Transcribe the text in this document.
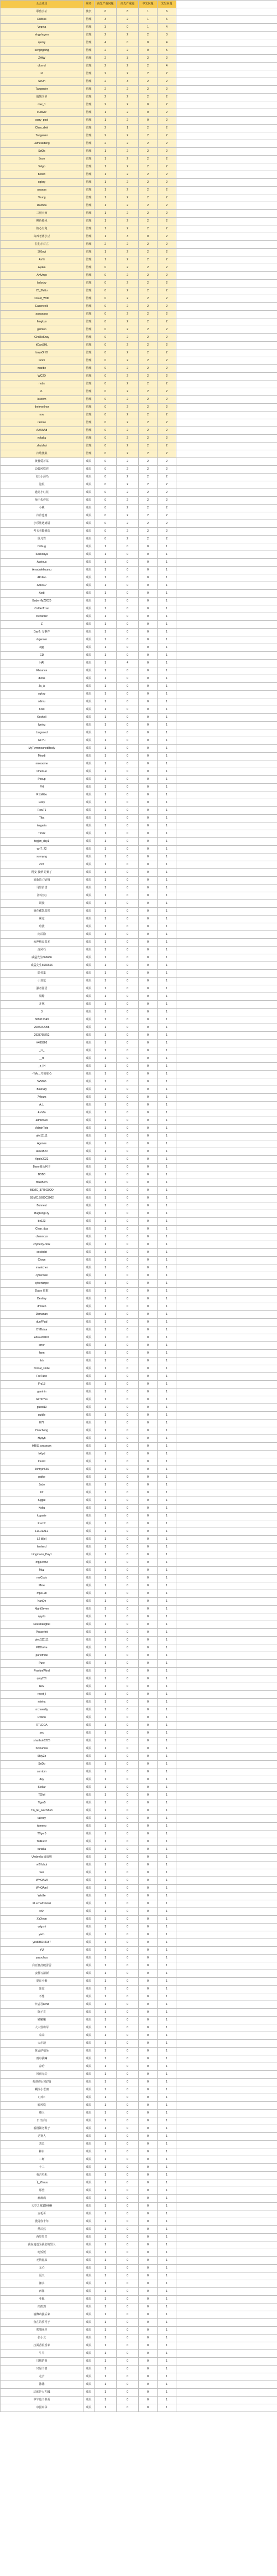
公会成员	职务	高先严重问题	高先严重题	中先问题	先发问题	
耶鲁小云	族长	6	8	1	6	
Dildoss	管理	3	2	1	6	
Vegeta	管理	3	0	1	4	
ehyphogen	管理	2	2	2	3	
qustry	管理	4	0	0	4	
senghgbing	管理	2	2	0	5	
ZHiW	管理	2	3	2	2	
dkrrrol	管理	2	2	2	4	
id	管理	2	2	2	2	
SeOn	管理	2	3	2	2	
Tangenler	管理	2	2	2	2	
超醒少爷	管理	2	2	2	2	
mer_1	管理	2	2	0	2	
cUdGor	管理	1	2	0	2	
sorry_pool	管理	1	2	0	2	
Chim_dwh	管理	2	1	2	2	
Tangenlor	管理	2	2	2	2	
Jameskdeng	管理	2	2	2	2	
SdOs	管理	1	2	2	2	
Soco	管理	1	2	2	2	
5elgo	管理	1	2	2	2	
beiten	管理	1	2	2	2	
xglory	管理	1	2	2	2	
aaaaaa	管理	1	2	2	2	
Young	管理	1	2	2	2	
zhumbu	管理	1	2	2	2	
三刻大师	管理	1	2	2	2	
柳色嫣风	管理	1	2	2	2	
彼心有鬼	管理	1	2	2	2	
山西老薄小豆	管理	1	3	0	2	
拉扎尔对立	管理	2	2	2	2	
30Jogi	管理	1	2	2	2	
AnYi	管理	1	2	2	2	
Ayuka	管理	0	2	2	2	
AHUmjo	管理	0	2	2	2	
ladocky	管理	0	2	2	2	
23_5Mitu	管理	0	2	2	2	
Cloud_Wdb	管理	0	2	2	2	
Easeneelk	管理	0	2	2	2	
aaaaaaaa	管理	0	2	2	2	
fengkuo	管理	0	2	2	2	
gamtoo	管理	0	2	2	2	
GhdZoSnay	管理	0	2	2	2	
hDanSHL	管理	0	2	2	2	
boyaOHO	管理	0	2	2	2	
lunni	管理	0	2	2	2	
maribe	管理	0	2	2	2	
WC2D	管理	0	2	2	2	
nubs	管理	0	2	2	2	
rL	管理	0	2	2	2	
lasonm	管理	0	2	2	2	
theleveilnor	管理	0	2	2	2	
nov	管理	0	2	2	2	
rainnie	管理	0	2	2	2	
AAAAAd	管理	0	2	2	2	
yokaku	管理	0	2	2	2	
zhuizhui	管理	0	2	2	2	
冷歌骏莱	管理	0	2	2	2	
黄蓉爱芹菜	成员	0	2	2	2	
边疆风吹你	成员	0	2	2	2	
飞天小源鸟	成员	0	2	2	2	
泡饭	成员	0	2	2	2	
邀龙小红花	成员	0	2	2	2	
师于朱伴兹	成员	0	2	2	2	
小桃	成员	0	2	2	2	
冷冷也雨	成员	0	2	2	2	
小乐胜遇到福	成员	0	2	2	2	
考五者能够选	成员	0	2	2	2	
徐凡岩	成员	0	2	2	2	
Dribug	成员	1	0	0	1	
Seekobya	成员	1	0	0	1	
Aceious	成员	1	0	0	1	
Amodulehoumu	成员	1	0	0	1	
AKdino	成员	1	0	0	1	
AoKo07	成员	1	0	0	1	
Aodi	成员	1	0	0	1	
Buder-flyZ2020	成员	1	0	0	1	
CalderT1an	成员	1	0	0	1	
creolefrer	成员	1	0	0	1	
Z	成员	1	0	0	1	
Day2: 无事件	成员	1	0	0	1	
dujenner	成员	1	0	0	1	
egg	成员	1	0	0	1	
GD	成员	1	0	0	1	
HAI	成员	1	4	0	1	
Fhounce	成员	1	0	0	1	
dions	成员	1	0	0	1	
Ja_A	成员	1	0	0	1	
xglory	成员	1	0	0	1	
sdimu	成员	1	0	0	1	
Kobi	成员	1	0	0	1	
Kochell	成员	1	0	0	1	
lgning	成员	1	0	0	1	
Lingnaed	成员	1	0	0	1	
Mr.Yu	成员	1	0	0	1	
MyTyrmmounedBosly	成员	1	0	0	1	
Moodi	成员	1	0	0	1	
nniooome	成员	1	0	0	1	
OneCue	成员	1	0	0	1	
Pecup	成员	1	0	0	1	
PH	成员	1	0	0	1	
R1biEbo	成员	1	0	0	1	
Roky	成员	1	0	0	1	
RowT1	成员	1	0	0	1	
Tika	成员	1	0	0	1	
tergaria	成员	1	0	0	1	
Timzz	成员	1	0	0	1	
tegjlm_day1	成员	1	0	0	1	
wnT_72	成员	1	0	0	1	
sunnyng	成员	1	0	0	1	
ZZZ	成员	1	0	0	1	
阿安 我梦 是谁了	成员	1	0	0	1	
消逝边 (永恒)	成员	1	0	0	1	
马里滑诺	成员	1	0	0	1	
涉专(G)	成员	1	0	0	1	
胡漫	成员	1	0	0	1	
丽花藏凯基然	成员	1	0	0	1	
紧定	成员	1	0	0	1	
暗渡	成员	1	0	0	1	
问后隐	成员	1	0	0	1	
水神梅良基本	成员	1	0	0	1	
流风石	成员	1	0	0	1	
威猛先生666666	成员	1	0	0	1	
威猛先生6666666	成员	1	0	0	1	
隐者集	成员	1	0	0	1	
小龙氪	成员	1	0	0	1	
强者源语	成员	1	0	0	1	
果醋	成员	1	0	0	1	
开林	成员	1	0	0	1	
3	成员	1	0	0	1	
666612349	成员	1	0	0	1	
2007342058	成员	1	0	0	1	
2933765752	成员	1	0	0	1	
#480360	成员	1	0	0	1	
_Li_	成员	1	0	0	1	
__m	成员	1	0	0	1	
_n_IH	成员	1	0	0	1	
~*Mo...巧的那心	成员	1	0	0	1	
5x5666	成员	1	0	0	1	
BlueSky	成员	1	0	0	1	
7Hours	成员	1	0	0	1	
A_L	成员	1	0	0	1	
AshZn	成员	1	0	0	1	
admin620	成员	1	0	0	1	
AdminToto	成员	1	0	0	1	
afei11111	成员	1	0	0	1	
Agones	成员	1	0	0	1	
Alex4520	成员	1	0	0	1	
Apple2022	成员	1	0	0	1	
Barry羅从柯子	成员	1	0	0	1	
BBBB	成员	1	0	0	1	
BlueBern	成员	1	0	0	1	
BSMC_3779C5OO	成员	1	0	0	1	
BSMC_5690C3002	成员	1	0	0	1	
Bunnest	成员	1	0	0	1	
BugKingCry	成员	1	0	0	1	
be123	成员	1	0	0	1	
Chan_dua	成员	1	0	0	1	
chenncuo	成员	1	0	0	1	
chyberry-fenx	成员	1	0	0	1	
cocktdot	成员	1	0	0	1	
Clown	成员	1	0	0	1	
mwatcher	成员	1	0	0	1	
cyberman	成员	1	0	0	1	
cybertanpe	成员	1	0	0	1	
Daisy 歌歌	成员	1	0	0	1	
Destiny	成员	1	0	0	1	
dmiseb	成员	1	0	0	1	
Dsmanan	成员	1	0	0	1	
dunFFgd	成员	1	0	0	1	
DYBsiaa	成员	1	0	0	1	
edward0101	成员	1	0	0	1	
error	成员	1	0	0	1	
farm	成员	1	0	0	1	
fish	成员	1	0	0	1	
format_smile	成员	1	0	0	1	
FreTubo	成员	1	0	0	1	
Frz13	成员	1	0	0	1	
gamhin	成员	1	0	0	1	
GitTibYes	成员	1	0	0	1	
guest13	成员	1	0	0	1	
guidle	成员	1	0	0	1	
H77	成员	1	0	0	1	
Huacheng	成员	1	0	0	1	
Hyuyh	成员	1	0	0	1	
HRIS_xxxxxxxx	成员	1	0	0	1	
hklpd	成员	1	0	0	1	
Idonld	成员	1	0	0	1	
Johnyin666	成员	1	0	0	1	
pathe	成员	1	0	0	1	
Judo	成员	1	0	0	1	
K2	成员	1	0	0	1	
Kiggie	成员	1	0	0	1	
Koltu	成员	1	0	0	1	
kuparie	成员	1	0	0	1	
Kuzo2	成员	1	0	0	1	
LLLULALL	成员	1	0	0	1	
L2 lili[o]	成员	1	0	0	1	
leoherd	成员	1	0	0	1	
Lingmaon_Day1	成员	1	0	0	1	
mppi4983	成员	1	0	0	1	
Muz	成员	1	0	0	1	
meCody	成员	1	0	0	1	
Mine	成员	1	0	0	1	
mpe128	成员	1	0	0	1	
NanQe	成员	1	0	0	1	
NightSeven	成员	1	0	0	1	
npydo	成员	1	0	0	1	
NouShangbei	成员	1	0	0	1	
Passerhtt	成员	1	0	0	1	
pied111111	成员	1	0	0	1	
PDDofve	成员	1	0	0	1	
purelfnide	成员	1	0	0	1	
Pure	成员	1	0	0	1	
PraybmWind	成员	1	0	0	1	
qmy201	成员	1	0	0	1	
Rev	成员	1	0	0	1	
reeet_l	成员	1	0	0	1	
ririeha	成员	1	0	0	1	
rrcreverlty	成员	1	0	0	1	
Robon	成员	1	0	0	1	
RTLGOA	成员	1	0	0	1	
sec	成员	1	0	0	1	
shunbuh0225	成员	1	0	0	1	
Shinumas	成员	1	0	0	1	
ShiyZo	成员	1	0	0	1	
SnDp	成员	1	0	0	1	
sorrtom	成员	1	0	0	1	
dey	成员	1	0	0	1	
Stellar	成员	1	0	0	1	
TGfol	成员	1	0	0	1	
Tiger5	成员	1	0	0	1	
Tin_ter_w2chihuh	成员	1	0	0	1	
talresy	成员	1	0	0	1	
tdmeep	成员	1	0	0	1	
TTger0	成员	1	0	0	1	
TotRu02	成员	1	0	0	1	
turtalla	成员	1	0	0	1	
Umbrella 成成明	成员	1	0	0	1	
w2Hchui	成员	1	0	0	1	
wer	成员	1	0	0	1	
WHOAMI	成员	1	0	0	1	
WHOAmI	成员	1	0	0	1	
Wisllie	成员	1	0	0	1	
XLucha/Dhionli	成员	1	0	0	1	
xXn	成员	1	0	0	1	
XYXeon	成员	1	0	0	1	
vdgsni	成员	1	0	0	1	
yao1	成员	1	0	0	1	
yes888244187	成员	1	0	0	1	
YU	成员	1	0	0	1	
yuyouhuu	成员	1	0	0	1	
白豆腐打破雷雷	成员	1	0	0	1	
安静写清新	成员	1	0	0	1	
爱丘小紫	成员	1	0	0	1	
冰凉	成员	1	0	0	1	
不想	成员	1	0	0	1	
辛辰君aend	成员	1	0	0	1	
陈子亥	成员	1	0	0	1	
嫩嫩嫩	成员	1	0	0	1	
大大怪将军	成员	1	0	0	1	
朵朵	成员	1	0	0	1	
大尔迪	成员	1	0	0	1	
黄孟萨福朵	成员	1	0	0	1	
雨尔我嘛	成员	1	0	0	1	
凉哈	成员	1	0	0	1	
风雨无尖	成员	1	0	0	1	
福到你后来(哲)	成员	1	0	0	1	
糊涂小老朋	成员	1	0	0	1	
红布~	成员	1	0	0	1	
轻风吹	成员	1	0	0	1	
感人	成员	1	0	0	1	
日日(白)	成员	1	0	0	1	
看剧铺老梨子	成员	1	0	0	1	
老赛人	成员	1	0	0	1	
刘总	成员	1	0	0	1	
林白	成员	1	0	0	1	
二师	成员	1	0	0	1	
十三	成员	1	0	0	1	
看吉毛毛	成员	1	0	0	1	
飞_Zhuuu	成员	1	0	0	1	
那些	成员	1	0	0	1	
痛痛痛	成员	1	0	0	1	
天空之城1OHHH	成员	1	0	0	1	
五毛哥	成员	1	0	0	1	
搜寻你十年	成员	1	0	0	1	
然后然	成员	1	0	0	1	
西里里巴	成员	1	0	0	1	
我在追逐为我们的男人	成员	1	0	0	1	
吃饭饭	成员	1	0	0	1	
无情泥来	成员	1	0	0	1	
无心	成员	1	0	0	1	
夏天	成员	1	0	0	1	
湘水	成员	1	0	0	1	
西洋	成员	1	0	0	1	
亚佩	成员	1	0	0	1	
雨雨然	成员	1	0	0	1	
渝飘鸡接后来	成员	1	0	0	1	
鱼在的骄可子	成员	1	0	0	1	
熊猫鱼!!!	成员	1	0	0	1	
张小北	成员	1	0	0	1	
拉面香饭香米	成员	1	0	0	1	
牛马	成员	1	0	0	1	
只想的黄	成员	1	0	0	1	
只是个情	成员	1	0	0	1	
走去	成员	1	0	0	1	
泳泳	成员	1	0	0	1	
这就是大方01	成员	1	0	0	1	
中午也个书面	成员	1	0	0	1	
中国中华	成员	1	0	0	1	
